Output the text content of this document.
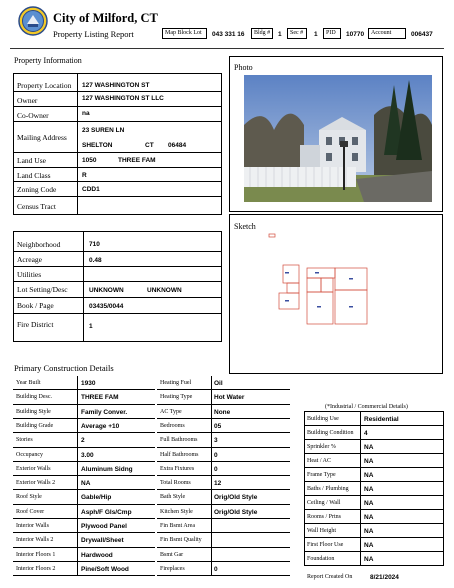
City of Milford, CT
Property Listing Report	Map Block Lot	043 331 16	Bldg #	1	Sec #	1	PID	10770	Account	006437
Property Information
Property Location 127 WASHINGTON ST
Owner	127 WASHINGTON ST LLC
Co-Owner	na
Mailing Address
23 SUREN LN
SHELTON	CT 06484
Land Use	1050	THREE FAM
Land Class	R
Zoning Code	CDD1
Census Tract
Neighborhood	710
Acreage	0.48
Utilities
Lot Setting/Desc	UNKNOWN	UNKNOWN
Book / Page	03435/0044
Fire District	1
Photo
Sketch
Primary Construction Details
Year Built	1930
Building Desc.	THREE FAM
Building Style	Family Conver.
Building Grade	Average +10
Stories	2
Occupancy	3.00
Exterior Walls	Aluminum Sidng
Exterior Walls 2	NA
Roof Style	Gable/Hip
Roof Cover	Asph/F Gls/Cmp
Interior Walls	Plywood Panel
Interior Walls 2	Drywall/Sheet
Interior Floors 1	Hardwood
Interior Floors 2	Pine/Soft Wood
Heating Fuel	Oil
Heating Type	Hot Water
AC Type	None
Bedrooms	05
Full Bathrooms	3
Half Bathrooms 0
Extra Fixtures	0
Total Rooms	12
Bath Style	Orig/Old Style
Kitchen Style	Orig/Old Style
Fin Bsmt Area
Fin Bsmt Quality
Bsmt Gar
Fireplaces	0
(*Industrial / Commercial Details)
Building Use	Residential
Building Condition 4
Sprinkler %	NA
Heat / AC	NA
Frame Type	NA
Baths / Plumbing NA
Ceiling / Wall	NA
Rooms / Prtns	NA
Wall Height	NA
First Floor Use	NA
Foundation	NA
Report Created On	8/21/2024
